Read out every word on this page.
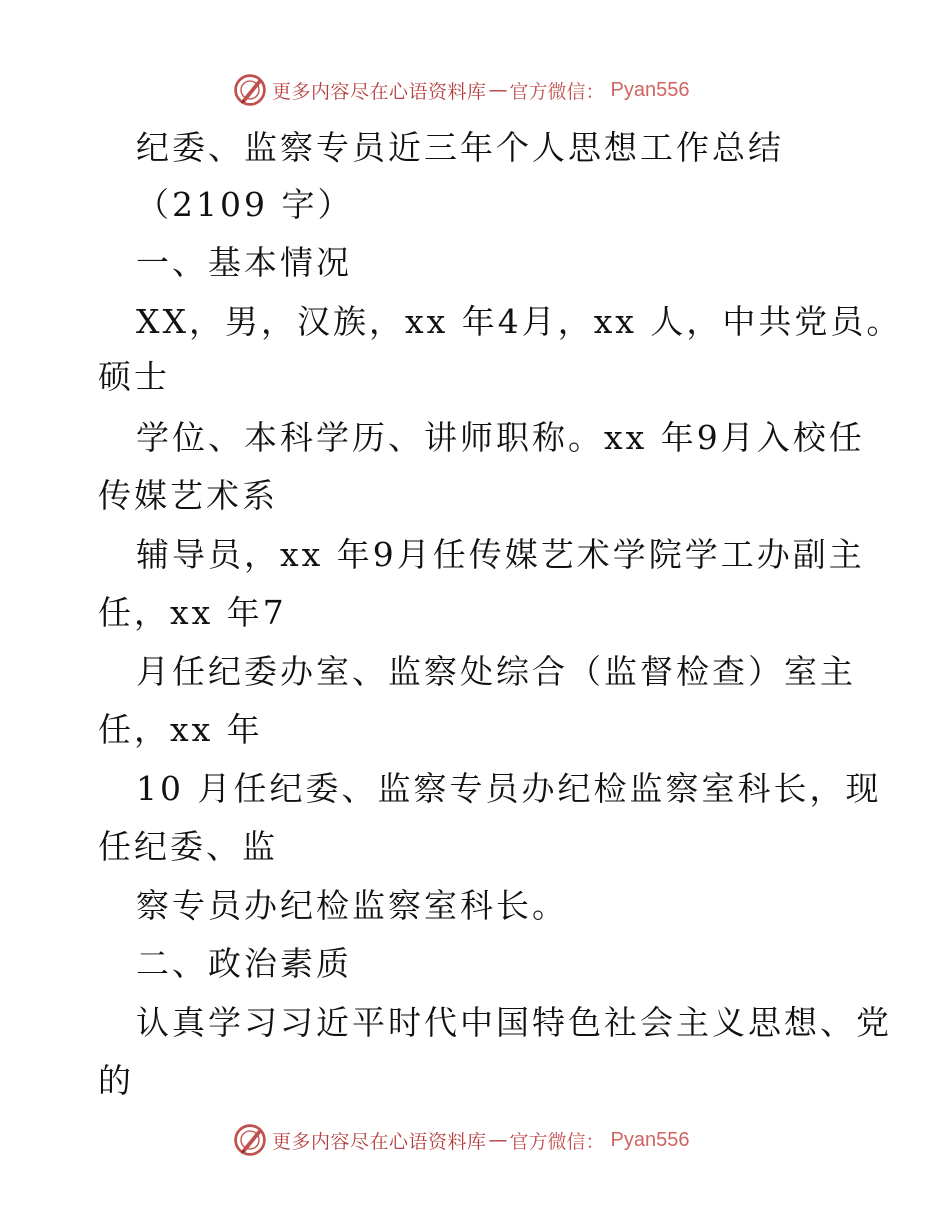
更多内容尽在心语资料库 — 官方微信： Pyan556
纪委、监察专员近三年个人思想工作总结
（2109 字）
一、基本情况
XX，男，汉族，xx 年4月，xx 人，中共党员。
硕士
学位、本科学历、讲师职称。xx 年9月入校任
传媒艺术系
辅导员，xx 年9月任传媒艺术学院学工办副主
任，xx 年7
月任纪委办室、监察处综合（监督检查）室主
任，xx 年
10 月任纪委、监察专员办纪检监察室科长，现
任纪委、监
察专员办纪检监察室科长。
二、政治素质
认真学习习近平时代中国特色社会主义思想、党
的
更多内容尽在心语资料库 — 官方微信： Pyan556
